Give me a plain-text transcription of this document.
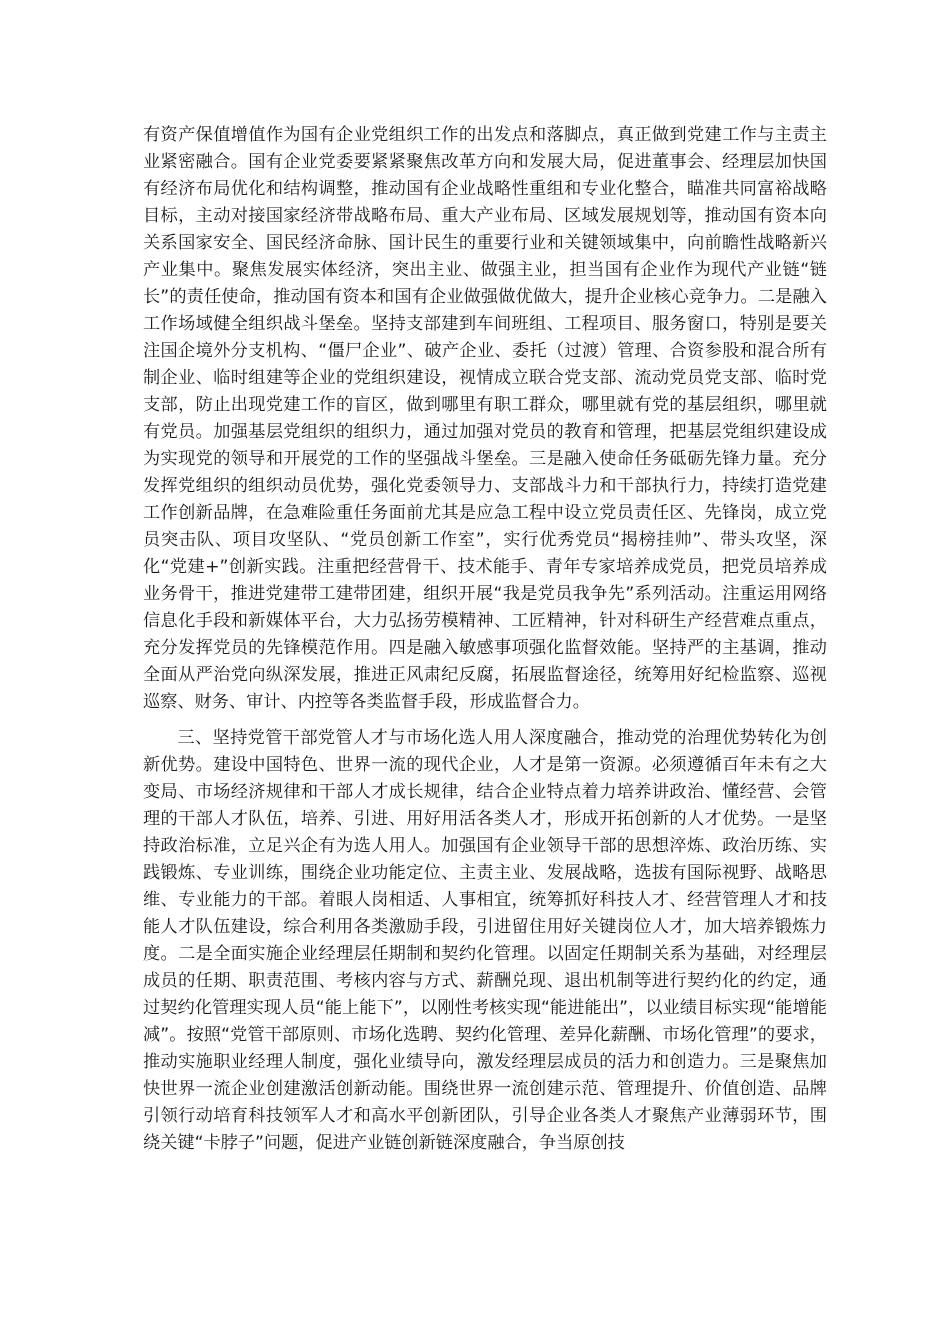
有资产保值增值作为国有企业党组织工作的出发点和落脚点，真正做到党建工作与主责主业紧密融合。国有企业党委要紧紧聚焦改革方向和发展大局，促进董事会、经理层加快国有经济布局优化和结构调整，推动国有企业战略性重组和专业化整合，瞄准共同富裕战略目标，主动对接国家经济带战略布局、重大产业布局、区域发展规划等，推动国有资本向关系国家安全、国民经济命脉、国计民生的重要行业和关键领域集中，向前瞻性战略新兴产业集中。聚焦发展实体经济，突出主业、做强主业，担当国有企业作为现代产业链“链长”的责任使命，推动国有资本和国有企业做强做优做大，提升企业核心竞争力。二是融入工作场域健全组织战斗堡垒。坚持支部建到车间班组、工程项目、服务窗口，特别是要关注国企境外分支机构、“僵尸企业”、破产企业、委托（过渡）管理、合资参股和混合所有制企业、临时组建等企业的党组织建设，视情成立联合党支部、流动党员党支部、临时党支部，防止出现党建工作的盲区，做到哪里有职工群众，哪里就有党的基层组织，哪里就有党员。加强基层党组织的组织力，通过加强对党员的教育和管理，把基层党组织建设成为实现党的领导和开展党的工作的坚强战斗堡垒。三是融入使命任务砥砺先锋力量。充分发挥党组织的组织动员优势，强化党委领导力、支部战斗力和干部执行力，持续打造党建工作创新品牌，在急难险重任务面前尤其是应急工程中设立党员责任区、先锋岗，成立党员突击队、项目攻坚队、“党员创新工作室”，实行优秀党员“揭榜挂帅”、带头攻坚，深化“党建+”创新实践。注重把经营骨干、技术能手、青年专家培养成党员，把党员培养成业务骨干，推进党建带工建带团建，组织开展“我是党员我争先”系列活动。注重运用网络信息化手段和新媒体平台，大力弘扬劳模精神、工匠精神，针对科研生产经营难点重点，充分发挥党员的先锋模范作用。四是融入敏感事项强化监督效能。坚持严的主基调，推动全面从严治党向纵深发展，推进正风肃纪反腐，拓展监督途径，统筹用好纪检监察、巡视巡察、财务、审计、内控等各类监督手段，形成监督合力。

三、坚持党管干部党管人才与市场化选人用人深度融合，推动党的治理优势转化为创新优势。建设中国特色、世界一流的现代企业，人才是第一资源。必须遵循百年未有之大变局、市场经济规律和干部人才成长规律，结合企业特点着力培养讲政治、懂经营、会管理的干部人才队伍，培养、引进、用好用活各类人才，形成开拓创新的人才优势。一是坚持政治标准，立足兴企有为选人用人。加强国有企业领导干部的思想淬炼、政治历练、实践锻炼、专业训练，围绕企业功能定位、主责主业、发展战略，选拔有国际视野、战略思维、专业能力的干部。着眼人岗相适、人事相宜，统筹抓好科技人才、经营管理人才和技能人才队伍建设，综合利用各类激励手段，引进留住用好关键岗位人才，加大培养锻炼力度。二是全面实施企业经理层任期制和契约化管理。以固定任期制关系为基础，对经理层成员的任期、职责范围、考核内容与方式、薪酬兑现、退出机制等进行契约化的约定，通过契约化管理实现人员“能上能下”，以刚性考核实现“能进能出”，以业绩目标实现“能增能减”。按照“党管干部原则、市场化选聘、契约化管理、差异化薪酬、市场化管理”的要求，推动实施职业经理人制度，强化业绩导向，激发经理层成员的活力和创造力。三是聚焦加快世界一流企业创建激活创新动能。围绕世界一流创建示范、管理提升、价值创造、品牌引领行动培育科技领军人才和高水平创新团队，引导企业各类人才聚焦产业薄弱环节，围绕关键“卡脖子”问题，促进产业链创新链深度融合，争当原创技
